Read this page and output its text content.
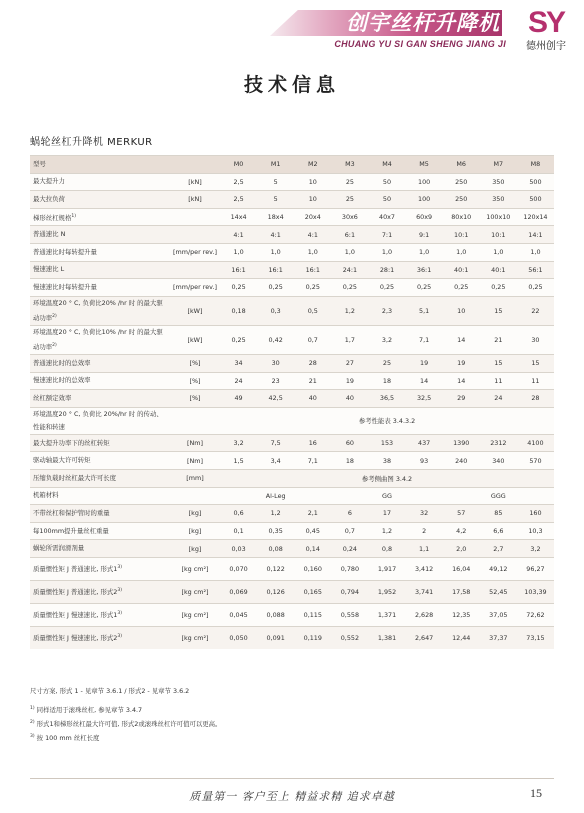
创宇丝杆升降机
CHUANG YU SI GAN SHENG JIANG JI
SY
德州创宇
技术信息
蜗轮丝杠升降机 MERKUR
型号		M0	M1	M2	M3	M4	M5	M6	M7	M8
最大提升力	[kN]	2,5	5	10	25	50	100	250	350	500
最大拉负荷	[kN]	2,5	5	10	25	50	100	250	350	500
梯形丝杠规格$^{1)}$		14x4	18x4	20x4	30x6	40x7	60x9	80x10	100x10	120x14
普通速比 N		4:1	4:1	4:1	6:1	7:1	9:1	10:1	10:1	14:1
普通速比时每转提升量	[mm/per rev.]	1,0	1,0	1,0	1,0	1,0	1,0	1,0	1,0	1,0
慢速速比 L		16:1	16:1	16:1	24:1	28:1	36:1	40:1	40:1	56:1
慢速速比时每转提升量	[mm/per rev.]	0,25	0,25	0,25	0,25	0,25	0,25	0,25	0,25	0,25
环境温度20 ° C, 负荷比20% /hr 时 的最大驱动功率$^{2)}$	[kW]	0,18	0,3	0,5	1,2	2,3	5,1	10	15	22
环境温度20 ° C, 负荷比10% /hr 时 的最大驱动功率$^{2)}$	[kW]	0,25	0,42	0,7	1,7	3,2	7,1	14	21	30
普通速比时的总效率	[%]	34	30	28	27	25	19	19	15	15
慢速速比时的总效率	[%]	24	23	21	19	18	14	14	11	11
丝杠额定效率	[%]	49	42,5	40	40	36,5	32,5	29	24	28
环境温度20 ° C, 负荷比 20%/hr 时 的传动、性能和转速		参考性能表 3.4.3.2								
最大提升功率下的丝杠转矩	[Nm]	3,2	7,5	16	60	153	437	1390	2312	4100
驱动轴最大许可转矩	[Nm]	1,5	3,4	7,1	18	38	93	240	340	570
压缩负载时丝杠最大许可长度	[mm]	参考侧曲图 3.4.2								
机箱材料		Al-Leg			GG			GGG		
不带丝杠和保护管时的重量	[kg]	0,6	1,2	2,1	6	17	32	57	85	160
每100mm提升量丝杠重量	[kg]	0,1	0,35	0,45	0,7	1,2	2	4,2	6,6	10,3
蜗轮所需润滑剂量	[kg]	0,03	0,08	0,14	0,24	0,8	1,1	2,0	2,7	3,2
质量惯性矩 J 普通速比, 形式1$^{3)}$	[kg cm²]	0,070	0,122	0,160	0,780	1,917	3,412	16,04	49,12	96,27
质量惯性矩 J 普通速比, 形式2$^{3)}$	[kg cm²]	0,069	0,126	0,165	0,794	1,952	3,741	17,58	52,45	103,39
质量惯性矩 J 慢速速比, 形式1$^{3)}$	[kg cm²]	0,045	0,088	0,115	0,558	1,371	2,628	12,35	37,05	72,62
质量惯性矩 J 慢速速比, 形式2$^{3)}$	[kg cm²]	0,050	0,091	0,119	0,552	1,381	2,647	12,44	37,37	73,15
尺寸方案, 形式 1 - 见章节 3.6.1 / 形式2 - 见章节 3.6.2
$^{1)}$ 同样适用于滚珠丝杠, 参见章节 3.4.7
$^{2)}$ 形式1和梯形丝杠最大许可值, 形式2或滚珠丝杠许可值可以更高。
$^{3)}$ 按 100 mm 丝杠长度
质量第一 客户至上 精益求精 追求卓越	15
